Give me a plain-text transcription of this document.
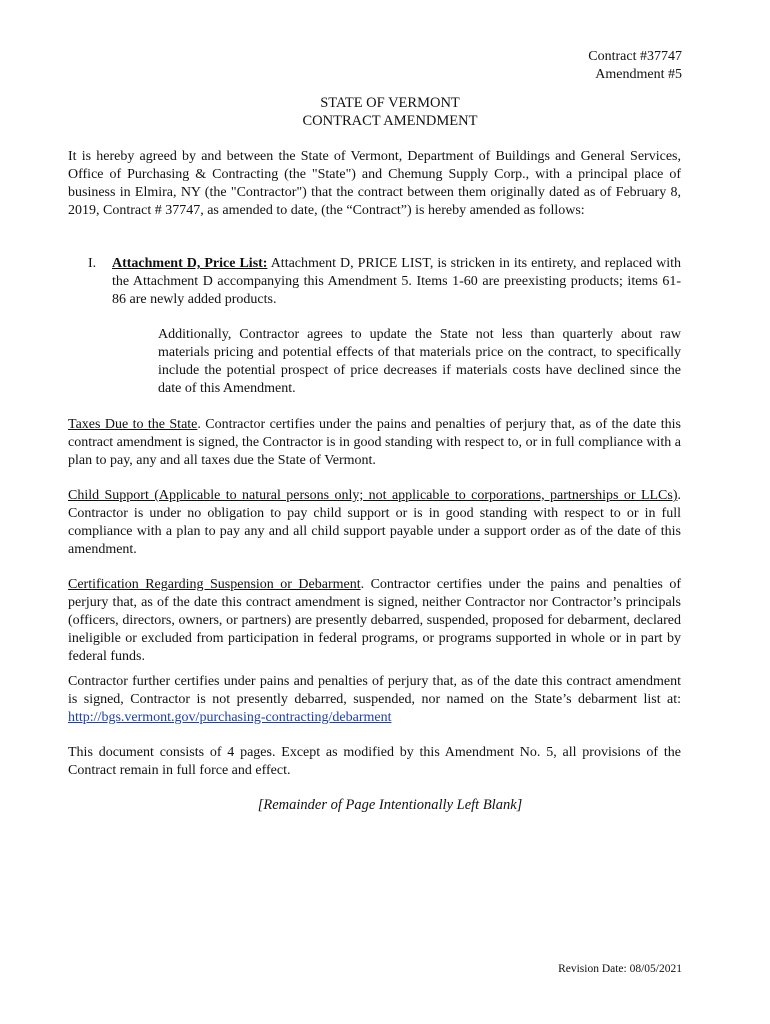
Contract #37747
Amendment #5
STATE OF VERMONT
CONTRACT AMENDMENT
It is hereby agreed by and between the State of Vermont, Department of Buildings and General Services, Office of Purchasing & Contracting (the "State") and Chemung Supply Corp., with a principal place of business in Elmira, NY (the "Contractor") that the contract between them originally dated as of February 8, 2019, Contract # 37747, as amended to date, (the “Contract”) is hereby amended as follows:
I.	Attachment D, Price List: Attachment D, PRICE LIST, is stricken in its entirety, and replaced with the Attachment D accompanying this Amendment 5. Items 1-60 are preexisting products; items 61-86 are newly added products.
Additionally, Contractor agrees to update the State not less than quarterly about raw materials pricing and potential effects of that materials price on the contract, to specifically include the potential prospect of price decreases if materials costs have declined since the date of this Amendment.
Taxes Due to the State. Contractor certifies under the pains and penalties of perjury that, as of the date this contract amendment is signed, the Contractor is in good standing with respect to, or in full compliance with a plan to pay, any and all taxes due the State of Vermont.
Child Support (Applicable to natural persons only; not applicable to corporations, partnerships or LLCs). Contractor is under no obligation to pay child support or is in good standing with respect to or in full compliance with a plan to pay any and all child support payable under a support order as of the date of this amendment.
Certification Regarding Suspension or Debarment. Contractor certifies under the pains and penalties of perjury that, as of the date this contract amendment is signed, neither Contractor nor Contractor’s principals (officers, directors, owners, or partners) are presently debarred, suspended, proposed for debarment, declared ineligible or excluded from participation in federal programs, or programs supported in whole or in part by federal funds.
Contractor further certifies under pains and penalties of perjury that, as of the date this contract amendment is signed, Contractor is not presently debarred, suspended, nor named on the State’s debarment list at: http://bgs.vermont.gov/purchasing-contracting/debarment
This document consists of 4 pages. Except as modified by this Amendment No. 5, all provisions of the Contract remain in full force and effect.
[Remainder of Page Intentionally Left Blank]
Revision Date: 08/05/2021
